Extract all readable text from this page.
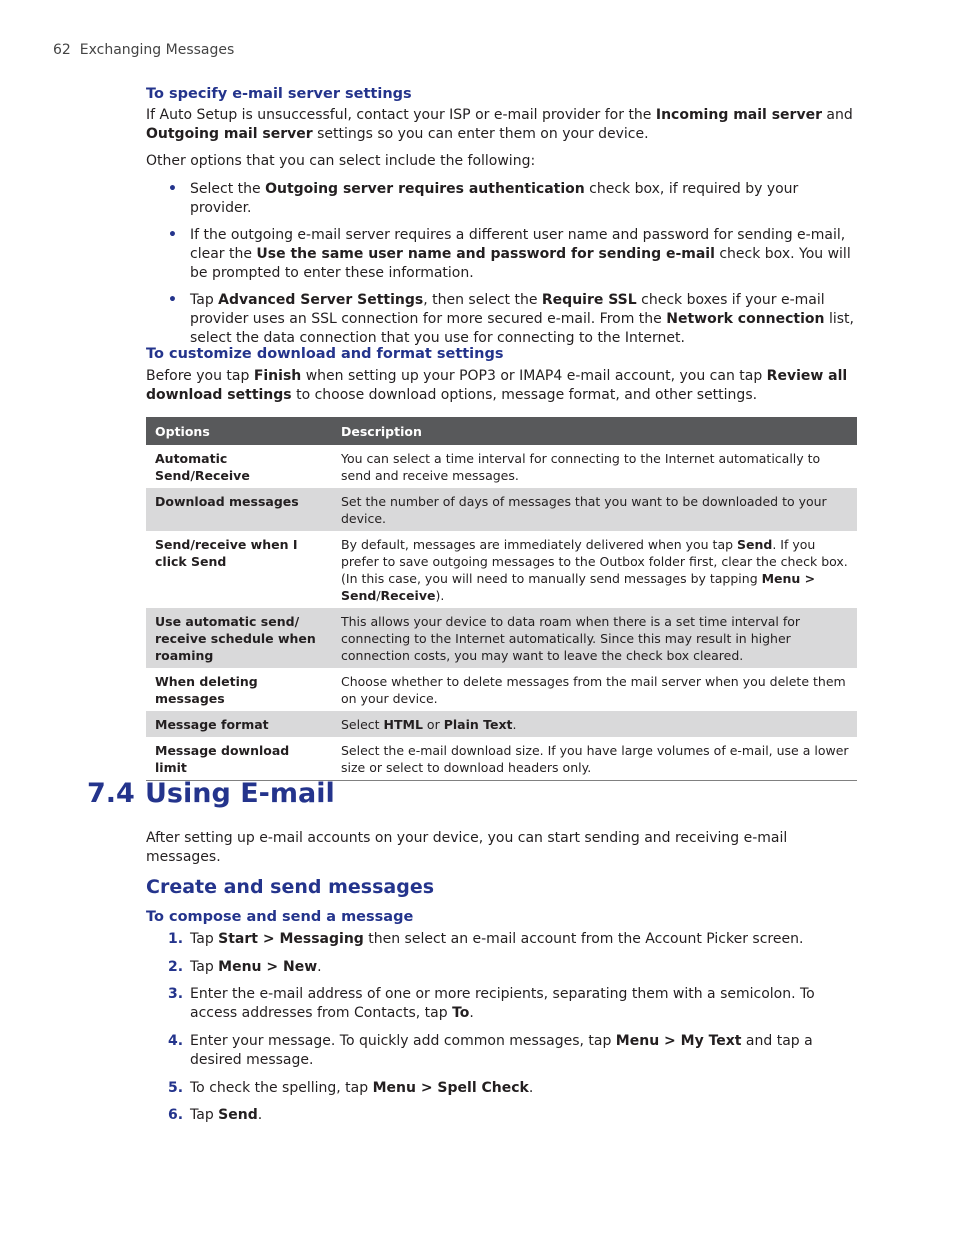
62 Exchanging Messages

To specify e-mail server settings

If Auto Setup is unsuccessful, contact your ISP or e-mail provider for the Incoming mail server and Outgoing mail server settings so you can enter them on your device.

Other options that you can select include the following:

• Select the Outgoing server requires authentication check box, if required by your provider.
• If the outgoing e-mail server requires a different user name and password for sending e-mail, clear the Use the same user name and password for sending e-mail check box. You will be prompted to enter these information.
• Tap Advanced Server Settings, then select the Require SSL check boxes if your e-mail provider uses an SSL connection for more secured e-mail. From the Network connection list, select the data connection that you use for connecting to the Internet.

To customize download and format settings

Before you tap Finish when setting up your POP3 or IMAP4 e-mail account, you can tap Review all download settings to choose download options, message format, and other settings.

Options	Description
Automatic Send/Receive	You can select a time interval for connecting to the Internet automatically to send and receive messages.
Download messages	Set the number of days of messages that you want to be downloaded to your device.
Send/receive when I click Send	By default, messages are immediately delivered when you tap Send. If you prefer to save outgoing messages to the Outbox folder first, clear the check box. (In this case, you will need to manually send messages by tapping Menu > Send/Receive).
Use automatic send/ receive schedule when roaming	This allows your device to data roam when there is a set time interval for connecting to the Internet automatically. Since this may result in higher connection costs, you may want to leave the check box cleared.
When deleting messages	Choose whether to delete messages from the mail server when you delete them on your device.
Message format	Select HTML or Plain Text.
Message download limit	Select the e-mail download size. If you have large volumes of e-mail, use a lower size or select to download headers only.
7.4 Using E-mail

After setting up e-mail accounts on your device, you can start sending and receiving e-mail messages.

Create and send messages

To compose and send a message

1. Tap Start > Messaging then select an e-mail account from the Account Picker screen.
2. Tap Menu > New.
3. Enter the e-mail address of one or more recipients, separating them with a semicolon. To access addresses from Contacts, tap To.
4. Enter your message. To quickly add common messages, tap Menu > My Text and tap a desired message.
5. To check the spelling, tap Menu > Spell Check.
6. Tap Send.
